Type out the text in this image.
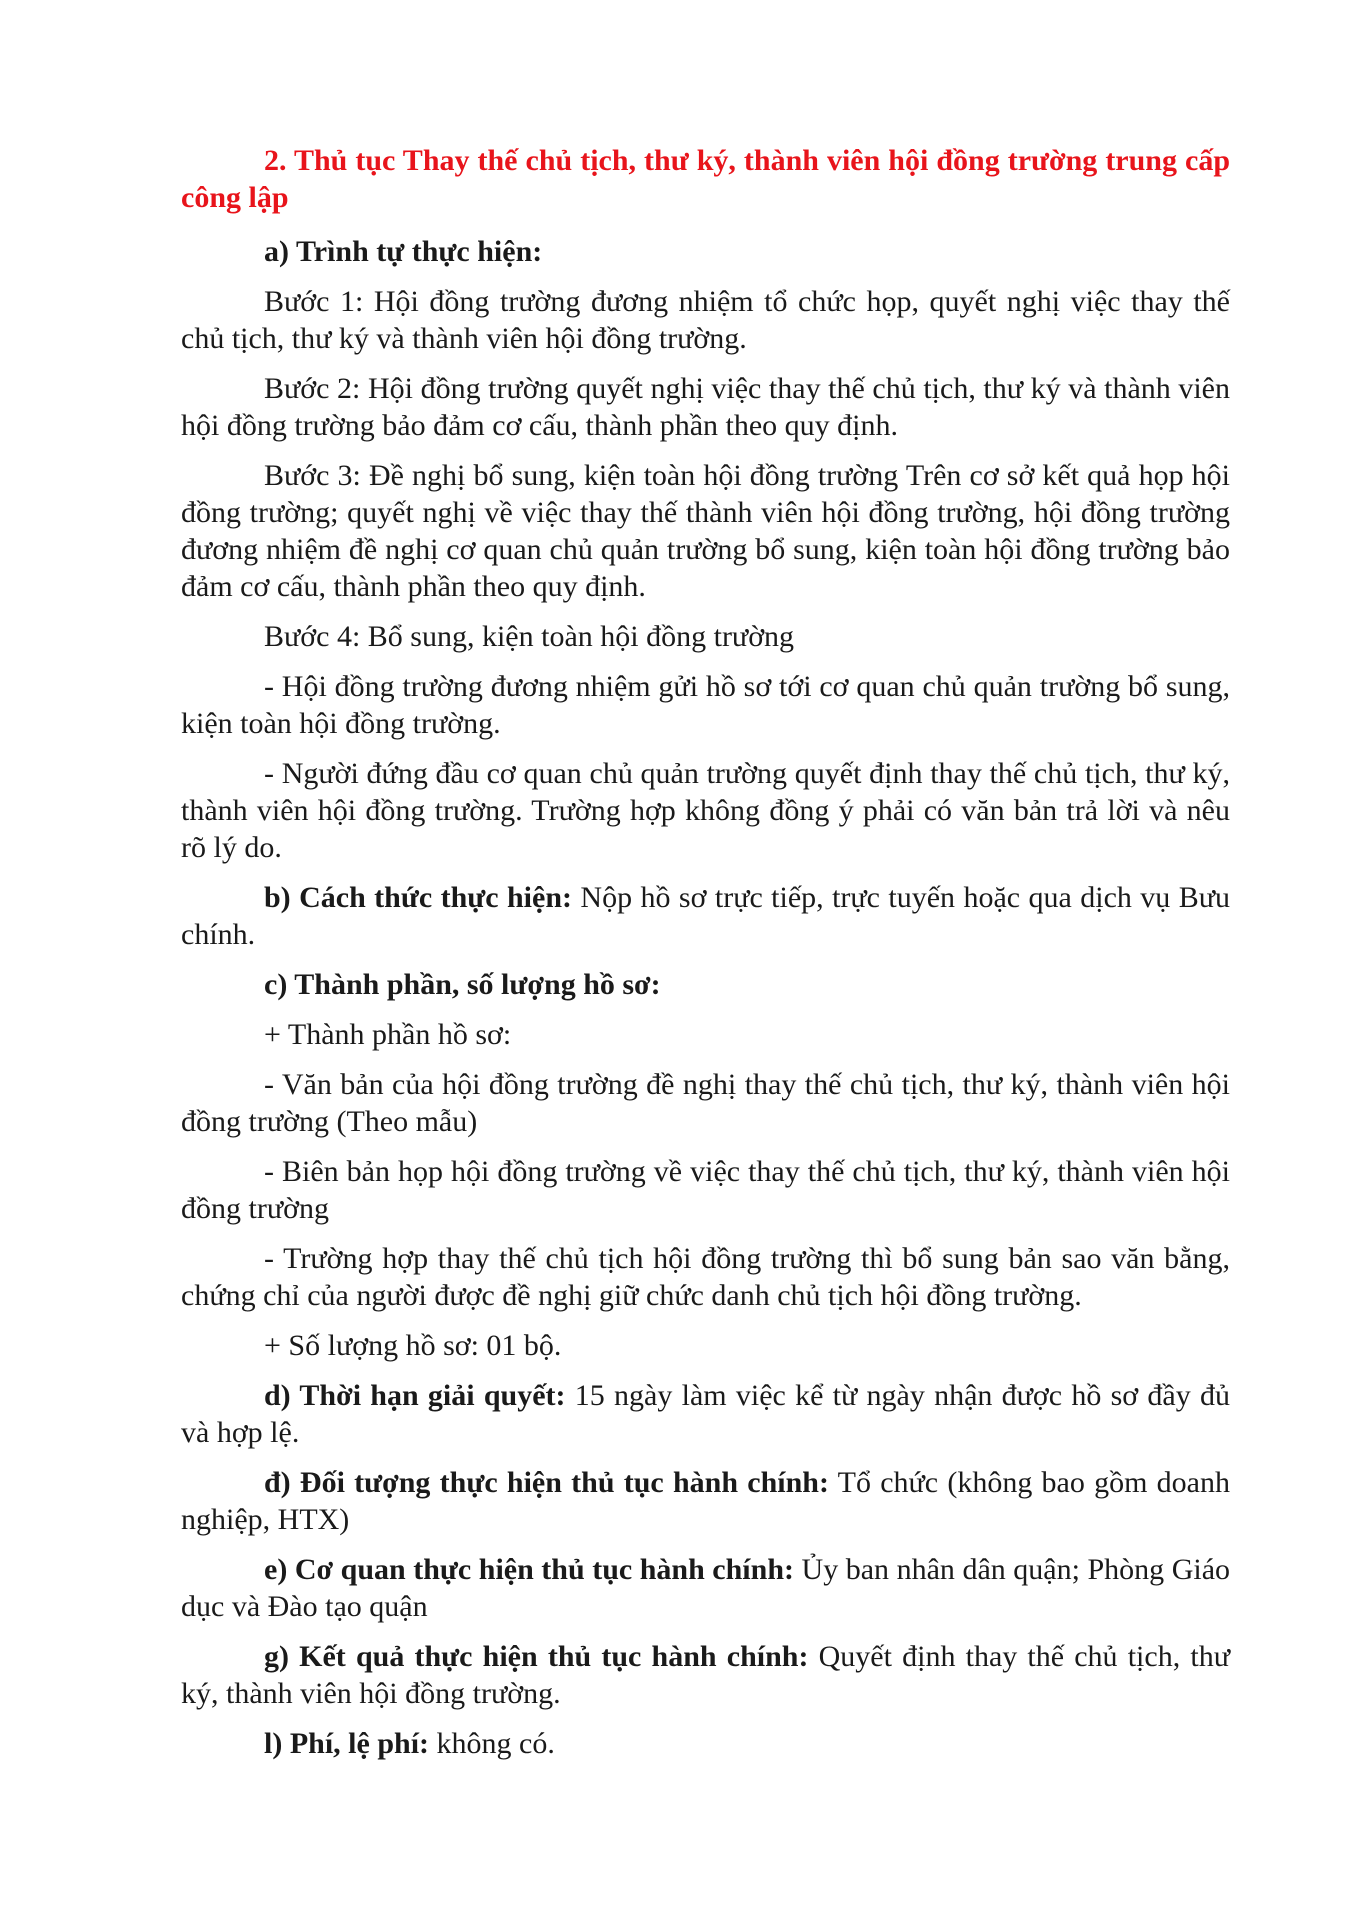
2. Thủ tục Thay thế chủ tịch, thư ký, thành viên hội đồng trường trung cấp công lập

a) Trình tự thực hiện:

Bước 1: Hội đồng trường đương nhiệm tổ chức họp, quyết nghị việc thay thế chủ tịch, thư ký và thành viên hội đồng trường.

Bước 2: Hội đồng trường quyết nghị việc thay thế chủ tịch, thư ký và thành viên hội đồng trường bảo đảm cơ cấu, thành phần theo quy định.

Bước 3: Đề nghị bổ sung, kiện toàn hội đồng trường Trên cơ sở kết quả họp hội đồng trường; quyết nghị về việc thay thế thành viên hội đồng trường, hội đồng trường đương nhiệm đề nghị cơ quan chủ quản trường bổ sung, kiện toàn hội đồng trường bảo đảm cơ cấu, thành phần theo quy định.

Bước 4: Bổ sung, kiện toàn hội đồng trường

- Hội đồng trường đương nhiệm gửi hồ sơ tới cơ quan chủ quản trường bổ sung, kiện toàn hội đồng trường.

- Người đứng đầu cơ quan chủ quản trường quyết định thay thế chủ tịch, thư ký, thành viên hội đồng trường. Trường hợp không đồng ý phải có văn bản trả lời và nêu rõ lý do.

b) Cách thức thực hiện: Nộp hồ sơ trực tiếp, trực tuyến hoặc qua dịch vụ Bưu chính.

c) Thành phần, số lượng hồ sơ:

+ Thành phần hồ sơ:

- Văn bản của hội đồng trường đề nghị thay thế chủ tịch, thư ký, thành viên hội đồng trường (Theo mẫu)

- Biên bản họp hội đồng trường về việc thay thế chủ tịch, thư ký, thành viên hội đồng trường

- Trường hợp thay thế chủ tịch hội đồng trường thì bổ sung bản sao văn bằng, chứng chỉ của người được đề nghị giữ chức danh chủ tịch hội đồng trường.

+ Số lượng hồ sơ: 01 bộ.

d) Thời hạn giải quyết: 15 ngày làm việc kể từ ngày nhận được hồ sơ đầy đủ và hợp lệ.

đ) Đối tượng thực hiện thủ tục hành chính: Tổ chức (không bao gồm doanh nghiệp, HTX)

e) Cơ quan thực hiện thủ tục hành chính: Ủy ban nhân dân quận; Phòng Giáo dục và Đào tạo quận

g) Kết quả thực hiện thủ tục hành chính: Quyết định thay thế chủ tịch, thư ký, thành viên hội đồng trường.

l) Phí, lệ phí: không có.
